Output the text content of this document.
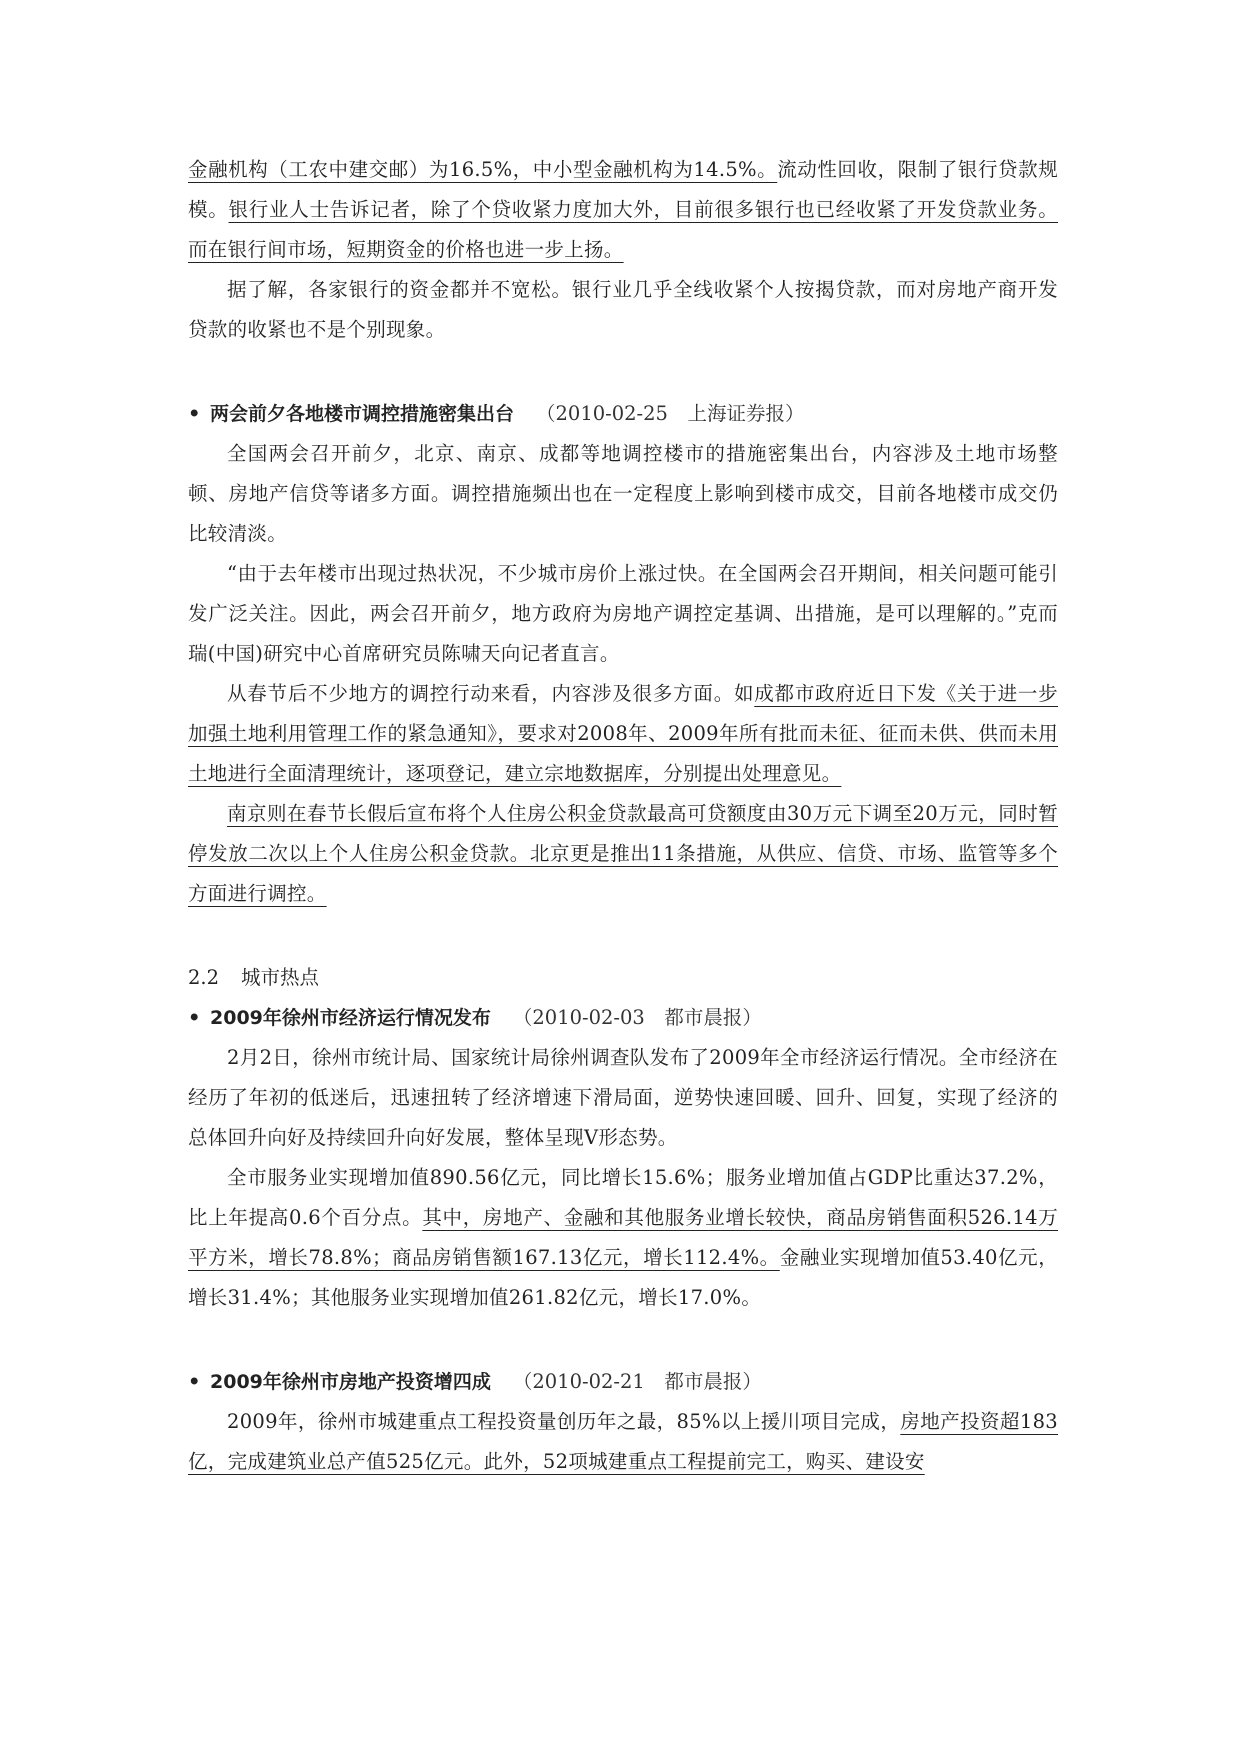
金融机构（工农中建交邮）为16.5%，中小型金融机构为14.5%。流动性回收，限制了银行贷款规模。银行业人士告诉记者，除了个贷收紧力度加大外，目前很多银行也已经收紧了开发贷款业务。而在银行间市场，短期资金的价格也进一步上扬。

据了解，各家银行的资金都并不宽松。银行业几乎全线收紧个人按揭贷款，而对房地产商开发贷款的收紧也不是个别现象。

• 两会前夕各地楼市调控措施密集出台 （2010-02-25　上海证券报）

全国两会召开前夕，北京、南京、成都等地调控楼市的措施密集出台，内容涉及土地市场整顿、房地产信贷等诸多方面。调控措施频出也在一定程度上影响到楼市成交，目前各地楼市成交仍比较清淡。

“由于去年楼市出现过热状况，不少城市房价上涨过快。在全国两会召开期间，相关问题可能引发广泛关注。因此，两会召开前夕，地方政府为房地产调控定基调、出措施，是可以理解的。”克而瑞(中国)研究中心首席研究员陈啸天向记者直言。

从春节后不少地方的调控行动来看，内容涉及很多方面。如成都市政府近日下发《关于进一步加强土地利用管理工作的紧急通知》，要求对2008年、2009年所有批而未征、征而未供、供而未用土地进行全面清理统计，逐项登记，建立宗地数据库，分别提出处理意见。

南京则在春节长假后宣布将个人住房公积金贷款最高可贷额度由30万元下调至20万元，同时暂停发放二次以上个人住房公积金贷款。北京更是推出11条措施，从供应、信贷、市场、监管等多个方面进行调控。

2.2 城市热点

• 2009年徐州市经济运行情况发布 （2010-02-03　都市晨报）

2月2日，徐州市统计局、国家统计局徐州调查队发布了2009年全市经济运行情况。全市经济在经历了年初的低迷后，迅速扭转了经济增速下滑局面，逆势快速回暖、回升、回复，实现了经济的总体回升向好及持续回升向好发展，整体呈现V形态势。

全市服务业实现增加值890.56亿元，同比增长15.6%；服务业增加值占GDP比重达37.2%，比上年提高0.6个百分点。其中，房地产、金融和其他服务业增长较快，商品房销售面积526.14万平方米，增长78.8%；商品房销售额167.13亿元，增长112.4%。金融业实现增加值53.40亿元，增长31.4%；其他服务业实现增加值261.82亿元，增长17.0%。

• 2009年徐州市房地产投资增四成 （2010-02-21　都市晨报）

2009年，徐州市城建重点工程投资量创历年之最，85%以上援川项目完成，房地产投资超183亿，完成建筑业总产值525亿元。此外，52项城建重点工程提前完工，购买、建设安
